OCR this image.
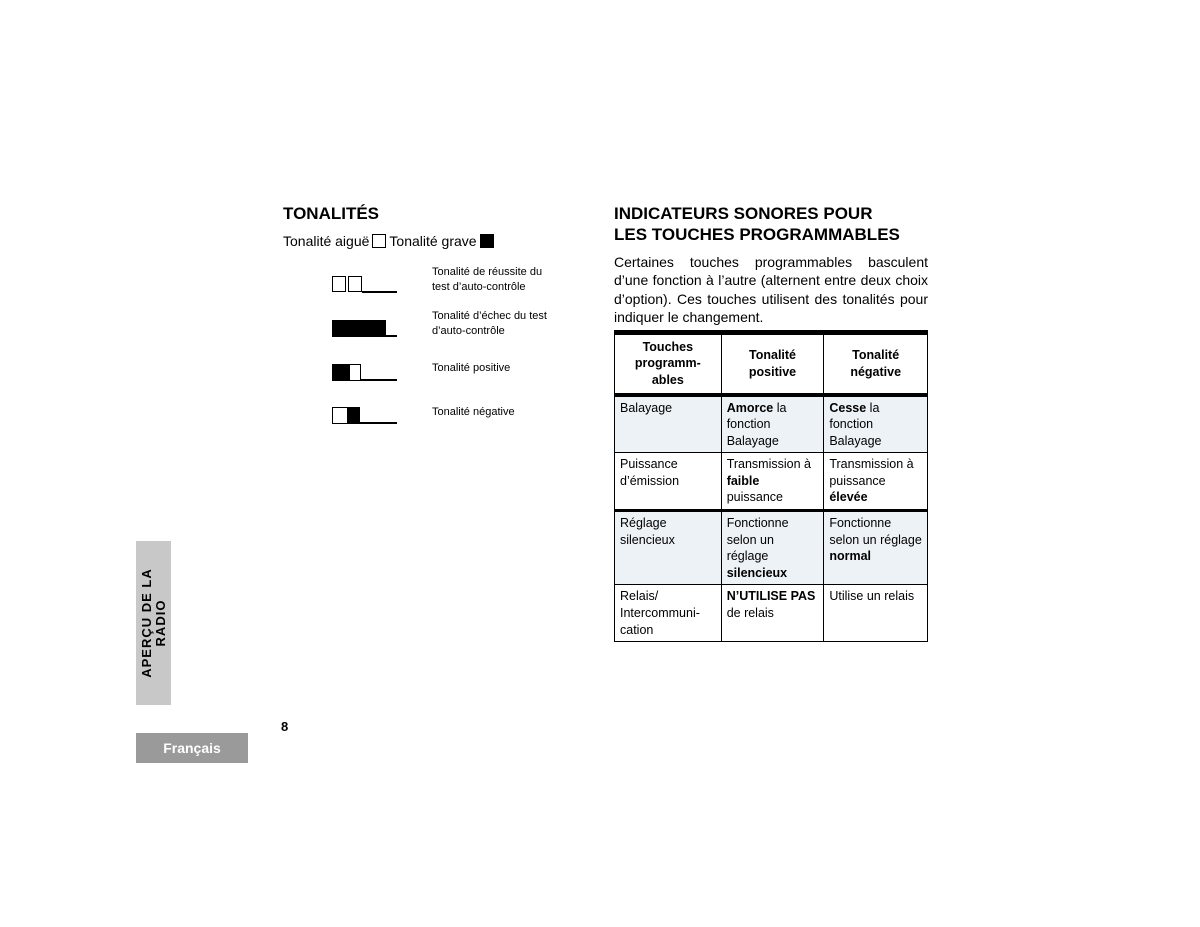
TONALITÉS
Tonalité aiguë Tonalité grave
Tonalité de réussite du
test d’auto-contrôle
Tonalité d’échec du test
d’auto-contrôle
Tonalité positive
Tonalité négative
INDICATEURS SONORES POUR
LES TOUCHES PROGRAMMABLES
Certaines touches programmables basculent d’une fonction à l’autre (alternent entre deux choix d’option). Ces touches utilisent des tonalités pour indiquer le changement.
Touches programm-ables	Tonalité positive	Tonalité négative
Balayage	Amorce la fonction Balayage	Cesse la fonction Balayage
Puissance d’émission	Transmission à faible puissance	Transmission à puissance élevée
Réglage silencieux	Fonctionne selon un réglage silencieux	Fonctionne selon un réglage normal
Relais/ Intercommuni-cation	N’UTILISE PAS de relais	Utilise un relais
APERÇU DE LA RADIO
8
Français
